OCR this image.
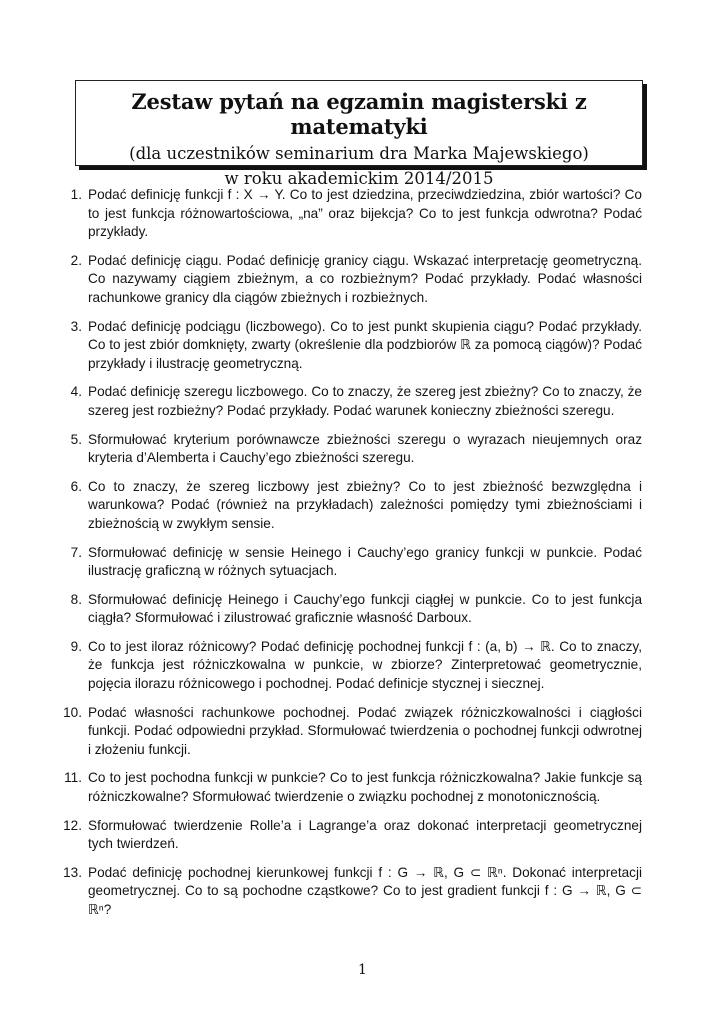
Zestaw pytań na egzamin magisterski z matematyki
(dla uczestników seminarium dra Marka Majewskiego)
w roku akademickim 2014/2015
1. Podać definicję funkcji f : X → Y. Co to jest dziedzina, przeciwdziedzina, zbiór wartości? Co to jest funkcja różnowartościowa, „na” oraz bijekcja? Co to jest funkcja odwrotna? Podać przykłady.
2. Podać definicję ciągu. Podać definicję granicy ciągu. Wskazać interpretację geometryczną. Co nazywamy ciągiem zbieżnym, a co rozbieżnym? Podać przykłady. Podać własności rachunkowe granicy dla ciągów zbieżnych i rozbieżnych.
3. Podać definicję podciągu (liczbowego). Co to jest punkt skupienia ciągu? Podać przykłady. Co to jest zbiór domknięty, zwarty (określenie dla podzbiorów ℝ za pomocą ciągów)? Podać przykłady i ilustrację geometryczną.
4. Podać definicję szeregu liczbowego. Co to znaczy, że szereg jest zbieżny? Co to znaczy, że szereg jest rozbieżny? Podać przykłady. Podać warunek konieczny zbieżności szeregu.
5. Sformułować kryterium porównawcze zbieżności szeregu o wyrazach nieujemnych oraz kryteria d’Alemberta i Cauchy’ego zbieżności szeregu.
6. Co to znaczy, że szereg liczbowy jest zbieżny? Co to jest zbieżność bezwzględna i warunkowa? Podać (również na przykładach) zależności pomiędzy tymi zbieżnościami i zbieżnością w zwykłym sensie.
7. Sformułować definicję w sensie Heinego i Cauchy’ego granicy funkcji w punkcie. Podać ilustrację graficzną w różnych sytuacjach.
8. Sformułować definicję Heinego i Cauchy’ego funkcji ciągłej w punkcie. Co to jest funkcja ciągła? Sformułować i zilustrować graficznie własność Darboux.
9. Co to jest iloraz różnicowy? Podać definicję pochodnej funkcji f : (a, b) → ℝ. Co to znaczy, że funkcja jest różniczkowalna w punkcie, w zbiorze? Zinterpretować geometrycznie, pojęcia ilorazu różnicowego i pochodnej. Podać definicje stycznej i siecznej.
10. Podać własności rachunkowe pochodnej. Podać związek różniczkowalności i ciągłości funkcji. Podać odpowiedni przykład. Sformułować twierdzenia o pochodnej funkcji odwrotnej i złożeniu funkcji.
11. Co to jest pochodna funkcji w punkcie? Co to jest funkcja różniczkowalna? Jakie funkcje są różniczkowalne? Sformułować twierdzenie o związku pochodnej z monotonicznością.
12. Sformułować twierdzenie Rolle’a i Lagrange’a oraz dokonać interpretacji geometrycznej tych twierdzeń.
13. Podać definicję pochodnej kierunkowej funkcji f : G → ℝ, G ⊂ ℝⁿ. Dokonać interpretacji geometrycznej. Co to są pochodne cząstkowe? Co to jest gradient funkcji f : G → ℝ, G ⊂ ℝⁿ?
1
